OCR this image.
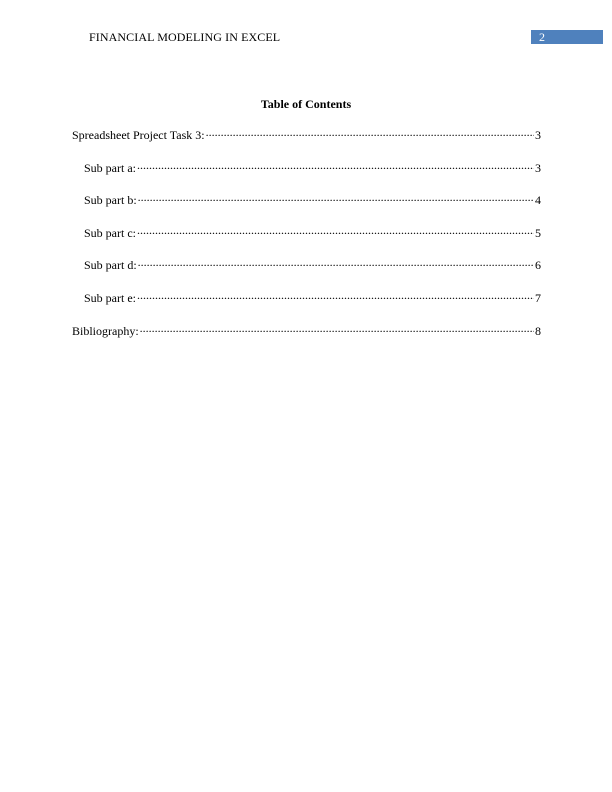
FINANCIAL MODELING IN EXCEL	2
Table of Contents
Spreadsheet Project Task 3: .....	3
Sub part a: .....	3
Sub part b: .....	4
Sub part c: .....	5
Sub part d: .....	6
Sub part e: .....	7
Bibliography: .....	8
